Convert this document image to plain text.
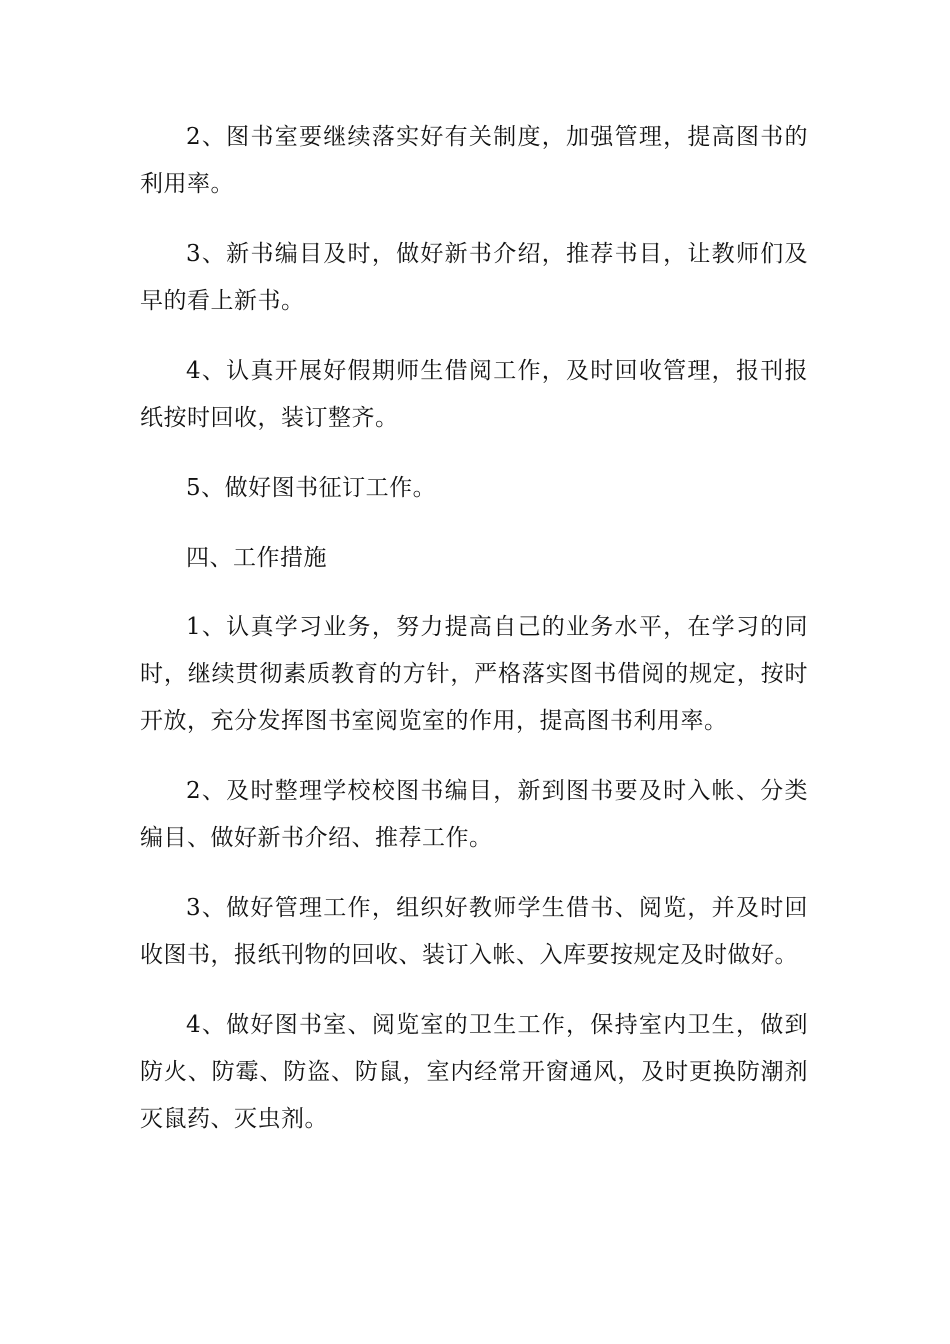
2、图书室要继续落实好有关制度，加强管理，提高图书的利用率。

3、新书编目及时，做好新书介绍，推荐书目，让教师们及早的看上新书。

4、认真开展好假期师生借阅工作，及时回收管理，报刊报纸按时回收，装订整齐。

5、做好图书征订工作。

四、工作措施

1、认真学习业务，努力提高自己的业务水平，在学习的同时，继续贯彻素质教育的方针，严格落实图书借阅的规定，按时开放，充分发挥图书室阅览室的作用，提高图书利用率。

2、及时整理学校校图书编目，新到图书要及时入帐、分类编目、做好新书介绍、推荐工作。

3、做好管理工作，组织好教师学生借书、阅览，并及时回收图书，报纸刊物的回收、装订入帐、入库要按规定及时做好。

4、做好图书室、阅览室的卫生工作，保持室内卫生，做到防火、防霉、防盗、防鼠，室内经常开窗通风，及时更换防潮剂灭鼠药、灭虫剂。
